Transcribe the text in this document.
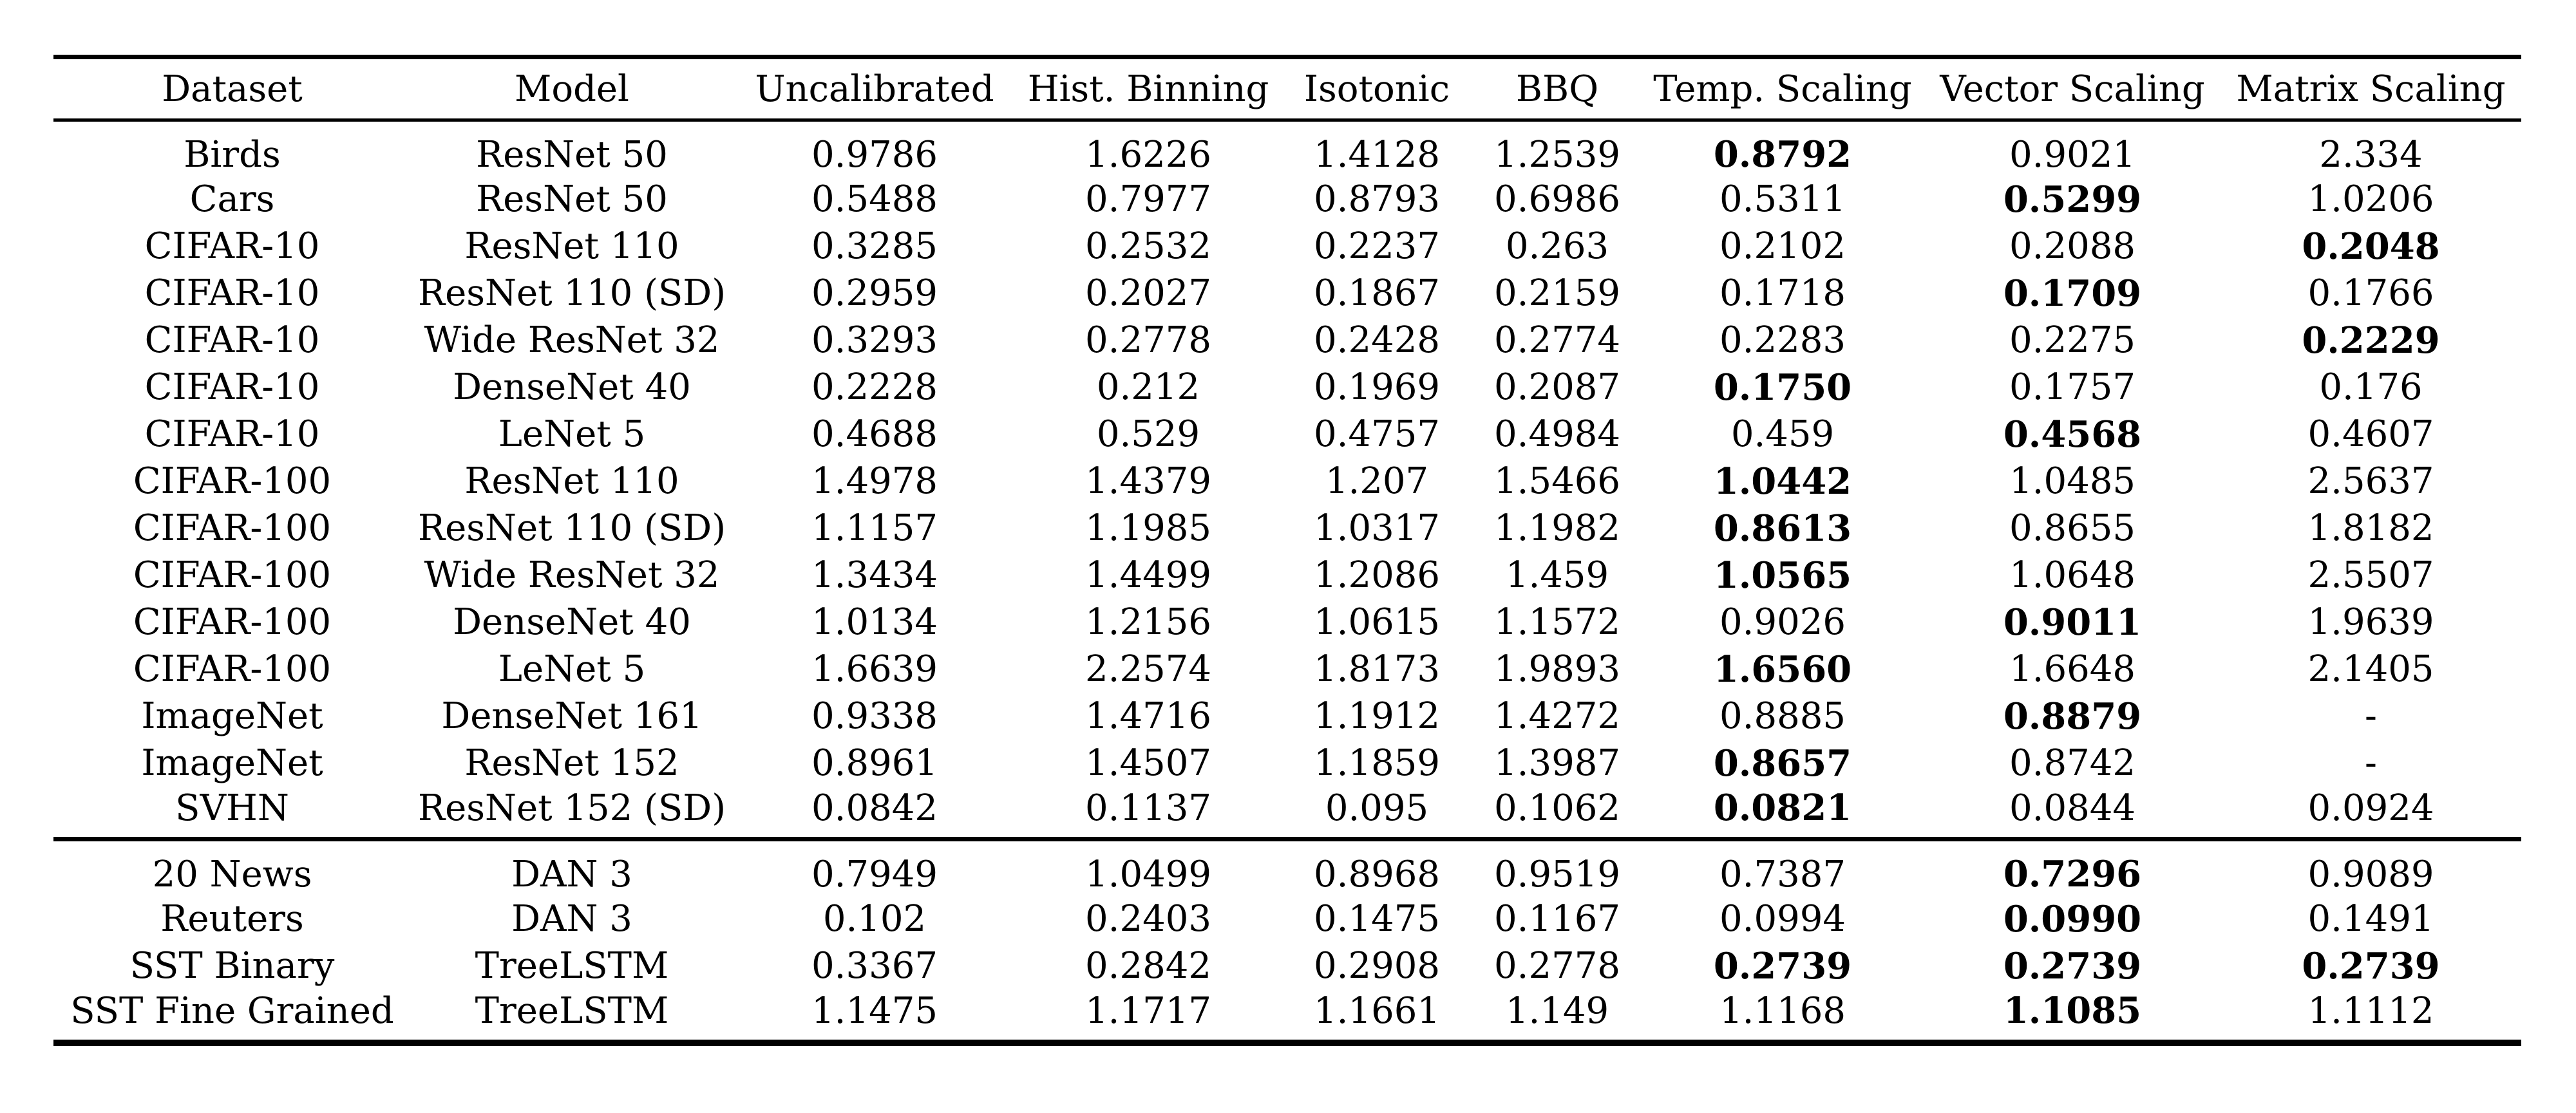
Dataset	Model	Uncalibrated	Hist. Binning	Isotonic	BBQ	Temp. Scaling	Vector Scaling	Matrix Scaling
Birds	ResNet 50	0.9786	1.6226	1.4128	1.2539	0.8792	0.9021	2.334
Cars	ResNet 50	0.5488	0.7977	0.8793	0.6986	0.5311	0.5299	1.0206
CIFAR-10	ResNet 110	0.3285	0.2532	0.2237	0.263	0.2102	0.2088	0.2048
CIFAR-10	ResNet 110 (SD)	0.2959	0.2027	0.1867	0.2159	0.1718	0.1709	0.1766
CIFAR-10	Wide ResNet 32	0.3293	0.2778	0.2428	0.2774	0.2283	0.2275	0.2229
CIFAR-10	DenseNet 40	0.2228	0.212	0.1969	0.2087	0.1750	0.1757	0.176
CIFAR-10	LeNet 5	0.4688	0.529	0.4757	0.4984	0.459	0.4568	0.4607
CIFAR-100	ResNet 110	1.4978	1.4379	1.207	1.5466	1.0442	1.0485	2.5637
CIFAR-100	ResNet 110 (SD)	1.1157	1.1985	1.0317	1.1982	0.8613	0.8655	1.8182
CIFAR-100	Wide ResNet 32	1.3434	1.4499	1.2086	1.459	1.0565	1.0648	2.5507
CIFAR-100	DenseNet 40	1.0134	1.2156	1.0615	1.1572	0.9026	0.9011	1.9639
CIFAR-100	LeNet 5	1.6639	2.2574	1.8173	1.9893	1.6560	1.6648	2.1405
ImageNet	DenseNet 161	0.9338	1.4716	1.1912	1.4272	0.8885	0.8879	-
ImageNet	ResNet 152	0.8961	1.4507	1.1859	1.3987	0.8657	0.8742	-
SVHN	ResNet 152 (SD)	0.0842	0.1137	0.095	0.1062	0.0821	0.0844	0.0924
20 News	DAN 3	0.7949	1.0499	0.8968	0.9519	0.7387	0.7296	0.9089
Reuters	DAN 3	0.102	0.2403	0.1475	0.1167	0.0994	0.0990	0.1491
SST Binary	TreeLSTM	0.3367	0.2842	0.2908	0.2778	0.2739	0.2739	0.2739
SST Fine Grained	TreeLSTM	1.1475	1.1717	1.1661	1.149	1.1168	1.1085	1.1112
